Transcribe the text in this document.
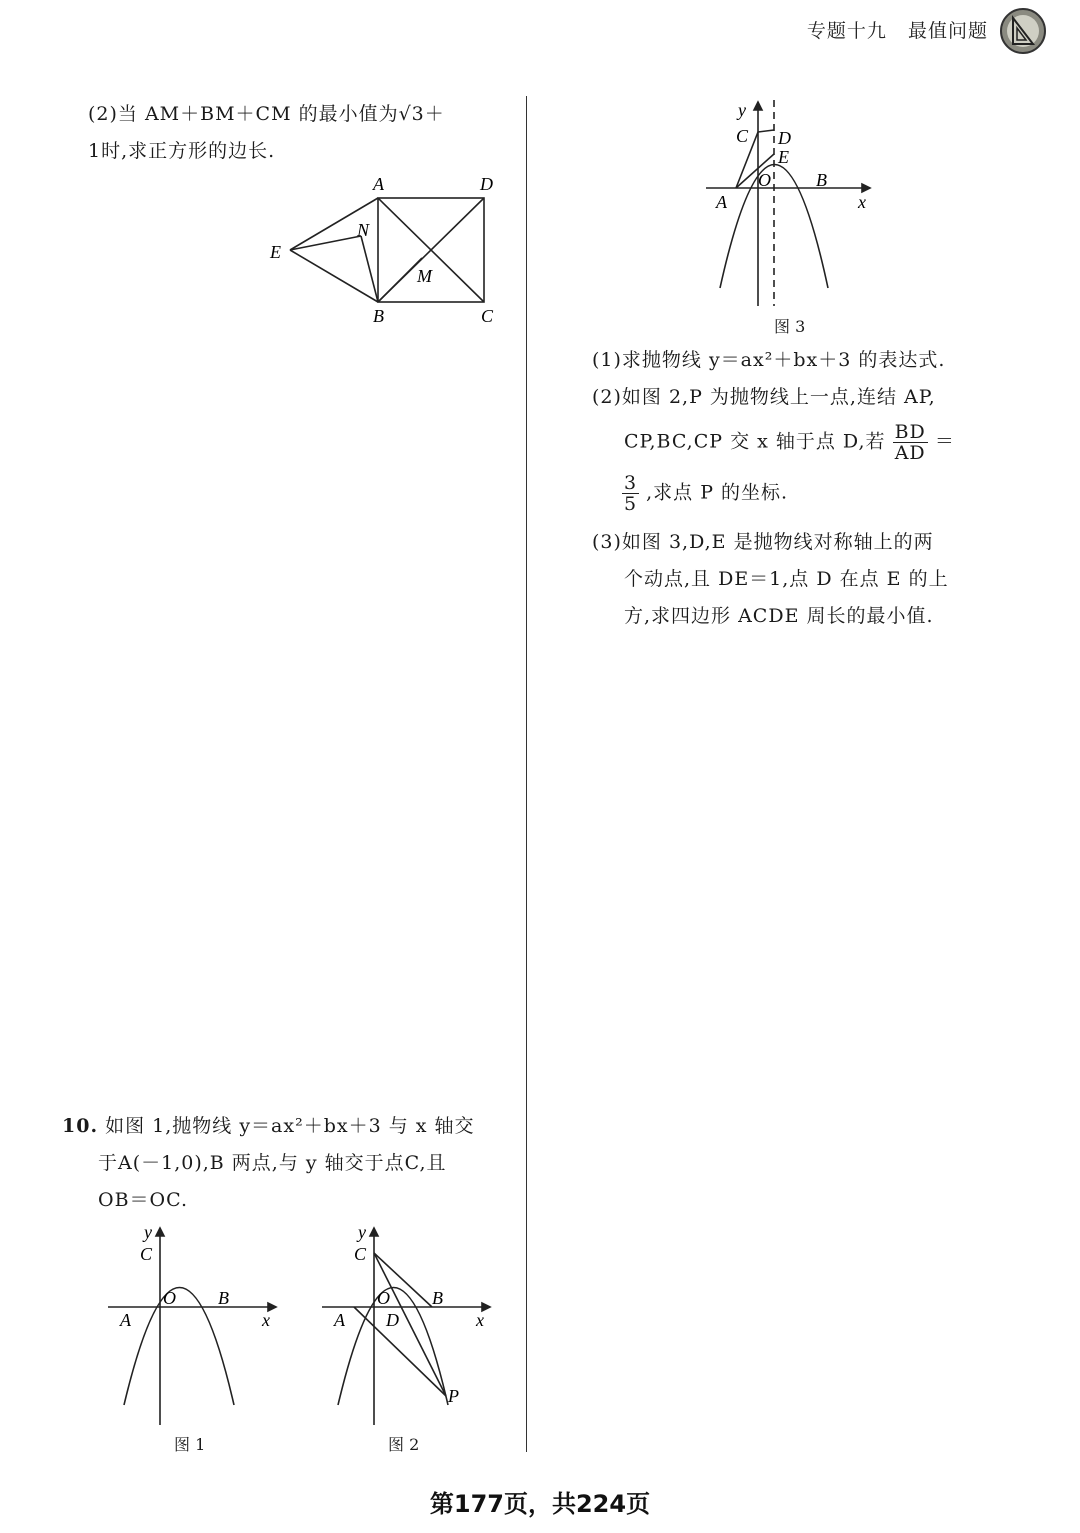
专题十九 最值问题
(2)当 AM＋BM＋CM 的最小值为√3＋
1时,求正方形的边长.
A	D
N
E
M
B	C
10. 如图 1,抛物线 y＝ax²＋bx＋3 与 x 轴交
于A(－1,0),B 两点,与 y 轴交于点C,且
OB＝OC.
y
C
O B
A	x
图 1
y
C
O B
A D	x
P
图 2
y
C D
E
O	B
A	x
图 3
(1)求抛物线 y＝ax²＋bx＋3 的表达式.
(2)如图 2,P 为抛物线上一点,连结 AP,
CP,BC,CP 交 x 轴于点 D,若 $\frac{BD}{AD}$ ＝
$\frac{3}{5}$ ,求点 P 的坐标.
(3)如图 3,D,E 是抛物线对称轴上的两
个动点,且 DE＝1,点 D 在点 E 的上
方,求四边形 ACDE 周长的最小值.
第177页，共224页
